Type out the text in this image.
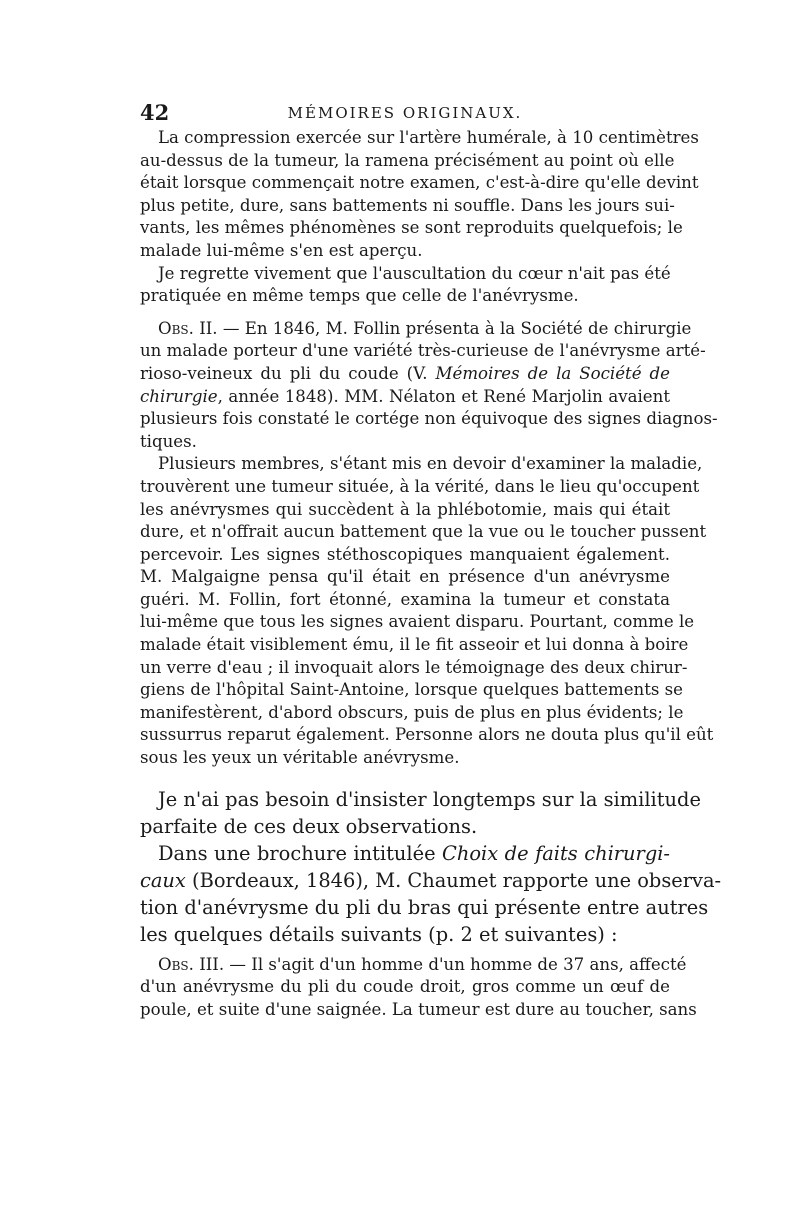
42	MÉMOIRES ORIGINAUX.

La compression exercée sur l'artère humérale, à 10 centimètres
au-dessus de la tumeur, la ramena précisément au point où elle
était lorsque commençait notre examen, c'est-à-dire qu'elle devint
plus petite, dure, sans battements ni souffle. Dans les jours sui-
vants, les mêmes phénomènes se sont reproduits quelquefois; le
malade lui-même s'en est aperçu.

Je regrette vivement que l'auscultation du cœur n'ait pas été
pratiquée en même temps que celle de l'anévrysme.

Obs. II. — En 1846, M. Follin présenta à la Société de chirurgie
un malade porteur d'une variété très-curieuse de l'anévrysme arté-
rioso-veineux du pli du coude (V. Mémoires de la Société de
chirurgie, année 1848). MM. Nélaton et René Marjolin avaient
plusieurs fois constaté le cortége non équivoque des signes diagnos-
tiques.

Plusieurs membres, s'étant mis en devoir d'examiner la maladie,
trouvèrent une tumeur située, à la vérité, dans le lieu qu'occupent
les anévrysmes qui succèdent à la phlébotomie, mais qui était
dure, et n'offrait aucun battement que la vue ou le toucher pussent
percevoir. Les signes stéthoscopiques manquaient également.
M. Malgaigne pensa qu'il était en présence d'un anévrysme
guéri. M. Follin, fort étonné, examina la tumeur et constata
lui-même que tous les signes avaient disparu. Pourtant, comme le
malade était visiblement ému, il le fit asseoir et lui donna à boire
un verre d'eau ; il invoquait alors le témoignage des deux chirur-
giens de l'hôpital Saint-Antoine, lorsque quelques battements se
manifestèrent, d'abord obscurs, puis de plus en plus évidents; le
sussurrus reparut également. Personne alors ne douta plus qu'il eût
sous les yeux un véritable anévrysme.

Je n'ai pas besoin d'insister longtemps sur la similitude
parfaite de ces deux observations.

Dans une brochure intitulée Choix de faits chirurgi-
caux (Bordeaux, 1846), M. Chaumet rapporte une observa-
tion d'anévrysme du pli du bras qui présente entre autres
les quelques détails suivants (p. 2 et suivantes) :

Obs. III. — Il s'agit d'un homme d'un homme de 37 ans, affecté
d'un anévrysme du pli du coude droit, gros comme un œuf de
poule, et suite d'une saignée. La tumeur est dure au toucher, sans
